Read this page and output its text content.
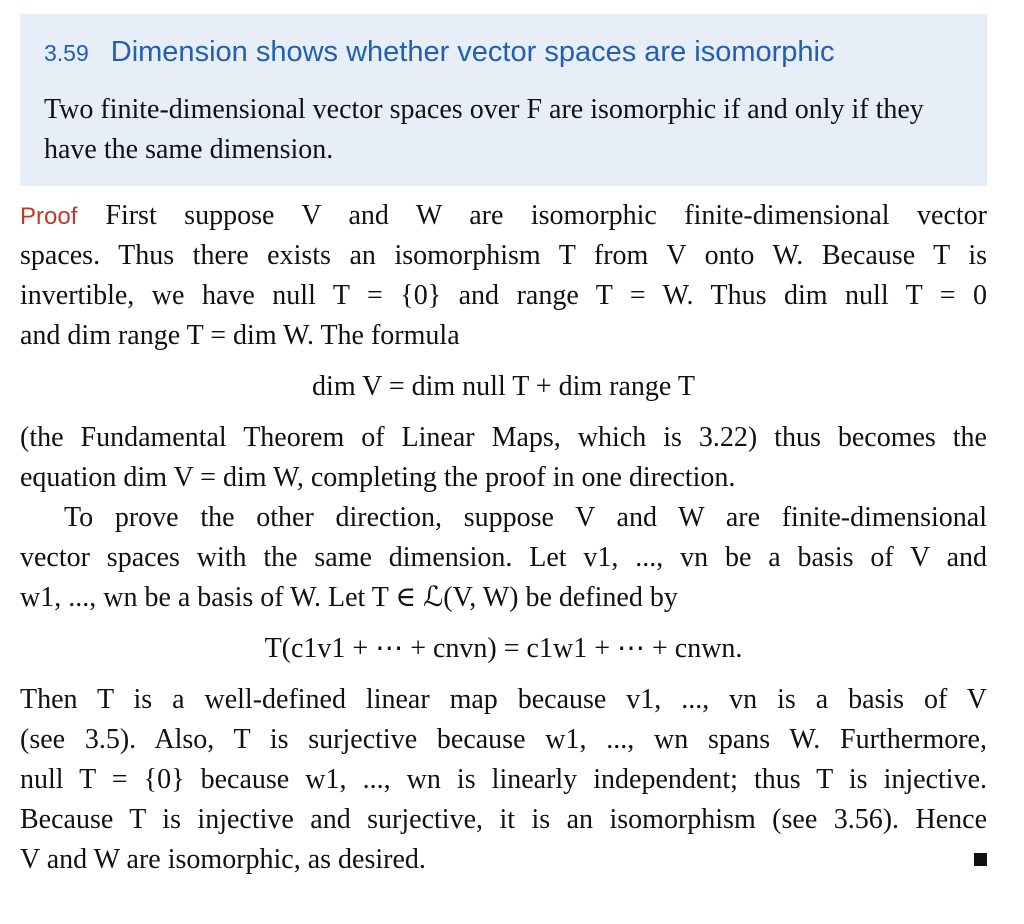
3.59 Dimension shows whether vector spaces are isomorphic
Two finite-dimensional vector spaces over F are isomorphic if and only if they have the same dimension.
Proof First suppose V and W are isomorphic finite-dimensional vector
spaces. Thus there exists an isomorphism T from V onto W. Because T is
invertible, we have null T = {0} and range T = W. Thus dim null T = 0
and dim range T = dim W. The formula
dim V = dim null T + dim range T
(the Fundamental Theorem of Linear Maps, which is 3.22) thus becomes the
equation dim V = dim W, completing the proof in one direction.
To prove the other direction, suppose V and W are finite-dimensional
vector spaces with the same dimension. Let v1, ..., vn be a basis of V and
w1, ..., wn be a basis of W. Let T ∈ ℒ(V, W) be defined by
T(c1v1 + ⋯ + cnvn) = c1w1 + ⋯ + cnwn.
Then T is a well-defined linear map because v1, ..., vn is a basis of V
(see 3.5). Also, T is surjective because w1, ..., wn spans W. Furthermore,
null T = {0} because w1, ..., wn is linearly independent; thus T is injective.
Because T is injective and surjective, it is an isomorphism (see 3.56). Hence
V and W are isomorphic, as desired.
